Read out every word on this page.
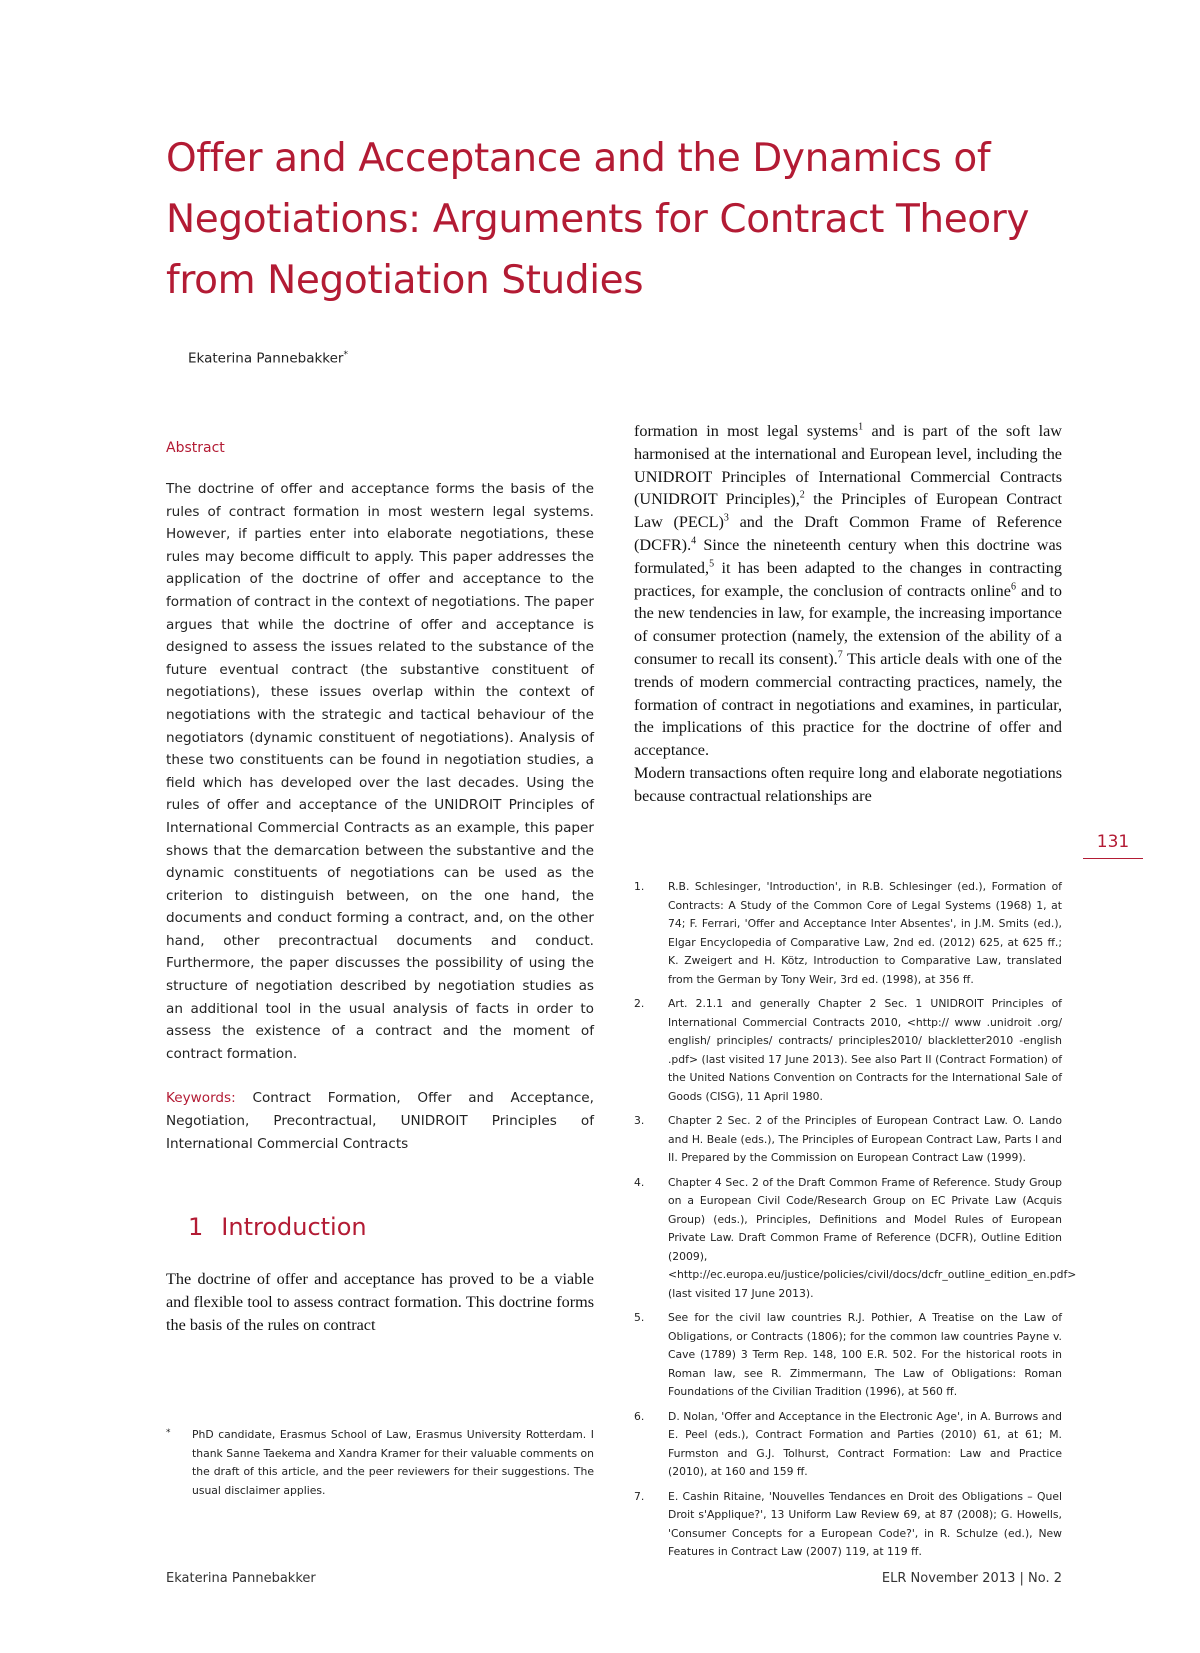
Offer and Acceptance and the Dynamics of
Negotiations: Arguments for Contract Theory
from Negotiation Studies
Ekaterina Pannebakker*
Abstract

The doctrine of offer and acceptance forms the basis of the rules of contract formation in most western legal systems. However, if parties enter into elaborate negotiations, these rules may become difficult to apply. This paper addresses the application of the doctrine of offer and acceptance to the formation of contract in the context of negotiations. The paper argues that while the doctrine of offer and acceptance is designed to assess the issues related to the substance of the future eventual contract (the substantive constituent of negotiations), these issues overlap within the context of negotiations with the strategic and tactical behaviour of the negotiators (dynamic constituent of negotiations). Analysis of these two constituents can be found in negotiation studies, a field which has developed over the last decades. Using the rules of offer and acceptance of the UNIDROIT Principles of International Commercial Contracts as an example, this paper shows that the demarcation between the substantive and the dynamic constituents of negotiations can be used as the criterion to distinguish between, on the one hand, the documents and conduct forming a contract, and, on the other hand, other precontractual documents and conduct. Furthermore, the paper discusses the possibility of using the structure of negotiation described by negotiation studies as an additional tool in the usual analysis of facts in order to assess the existence of a contract and the moment of contract formation.

Keywords: Contract Formation, Offer and Acceptance, Negotiation, Precontractual, UNIDROIT Principles of International Commercial Contracts

1 Introduction

The doctrine of offer and acceptance has proved to be a viable and flexible tool to assess contract formation. This doctrine forms the basis of the rules on contract

* PhD candidate, Erasmus School of Law, Erasmus University Rotterdam. I thank Sanne Taekema and Xandra Kramer for their valuable comments on the draft of this article, and the peer reviewers for their suggestions. The usual disclaimer applies.

formation in most legal systems$^1$ and is part of the soft law harmonised at the international and European level, including the UNIDROIT Principles of International Commercial Contracts (UNIDROIT Principles),$^2$ the Principles of European Contract Law (PECL)$^3$ and the Draft Common Frame of Reference (DCFR).$^4$ Since the nineteenth century when this doctrine was formulated,$^5$ it has been adapted to the changes in contracting practices, for example, the conclusion of contracts online$^6$ and to the new tendencies in law, for example, the increasing importance of consumer protection (namely, the extension of the ability of a consumer to recall its consent).$^7$ This article deals with one of the trends of modern commercial contracting practices, namely, the formation of contract in negotiations and examines, in particular, the implications of this practice for the doctrine of offer and acceptance.
Modern transactions often require long and elaborate negotiations because contractual relationships are

131
1. R.B. Schlesinger, 'Introduction', in R.B. Schlesinger (ed.), Formation of Contracts: A Study of the Common Core of Legal Systems (1968) 1, at 74; F. Ferrari, 'Offer and Acceptance Inter Absentes', in J.M. Smits (ed.), Elgar Encyclopedia of Comparative Law, 2nd ed. (2012) 625, at 625 ff.; K. Zweigert and H. Kötz, Introduction to Comparative Law, translated from the German by Tony Weir, 3rd ed. (1998), at 356 ff.
2. Art. 2.1.1 and generally Chapter 2 Sec. 1 UNIDROIT Principles of International Commercial Contracts 2010, <http:// www .unidroit .org/ english/ principles/ contracts/ principles2010/ blackletter2010 -english .pdf> (last visited 17 June 2013). See also Part II (Contract Formation) of the United Nations Convention on Contracts for the International Sale of Goods (CISG), 11 April 1980.
3. Chapter 2 Sec. 2 of the Principles of European Contract Law. O. Lando and H. Beale (eds.), The Principles of European Contract Law, Parts I and II. Prepared by the Commission on European Contract Law (1999).
4. Chapter 4 Sec. 2 of the Draft Common Frame of Reference. Study Group on a European Civil Code/Research Group on EC Private Law (Acquis Group) (eds.), Principles, Definitions and Model Rules of European Private Law. Draft Common Frame of Reference (DCFR), Outline Edition (2009), <http://ec.europa.eu/justice/policies/civil/docs/dcfr_outline_edition_en.pdf> (last visited 17 June 2013).
5. See for the civil law countries R.J. Pothier, A Treatise on the Law of Obligations, or Contracts (1806); for the common law countries Payne v. Cave (1789) 3 Term Rep. 148, 100 E.R. 502. For the historical roots in Roman law, see R. Zimmermann, The Law of Obligations: Roman Foundations of the Civilian Tradition (1996), at 560 ff.
6. D. Nolan, 'Offer and Acceptance in the Electronic Age', in A. Burrows and E. Peel (eds.), Contract Formation and Parties (2010) 61, at 61; M. Furmston and G.J. Tolhurst, Contract Formation: Law and Practice (2010), at 160 and 159 ff.
7. E. Cashin Ritaine, 'Nouvelles Tendances en Droit des Obligations – Quel Droit s'Applique?', 13 Uniform Law Review 69, at 87 (2008); G. Howells, 'Consumer Concepts for a European Code?', in R. Schulze (ed.), New Features in Contract Law (2007) 119, at 119 ff.
Ekaterina Pannebakker	ELR November 2013 | No. 2
